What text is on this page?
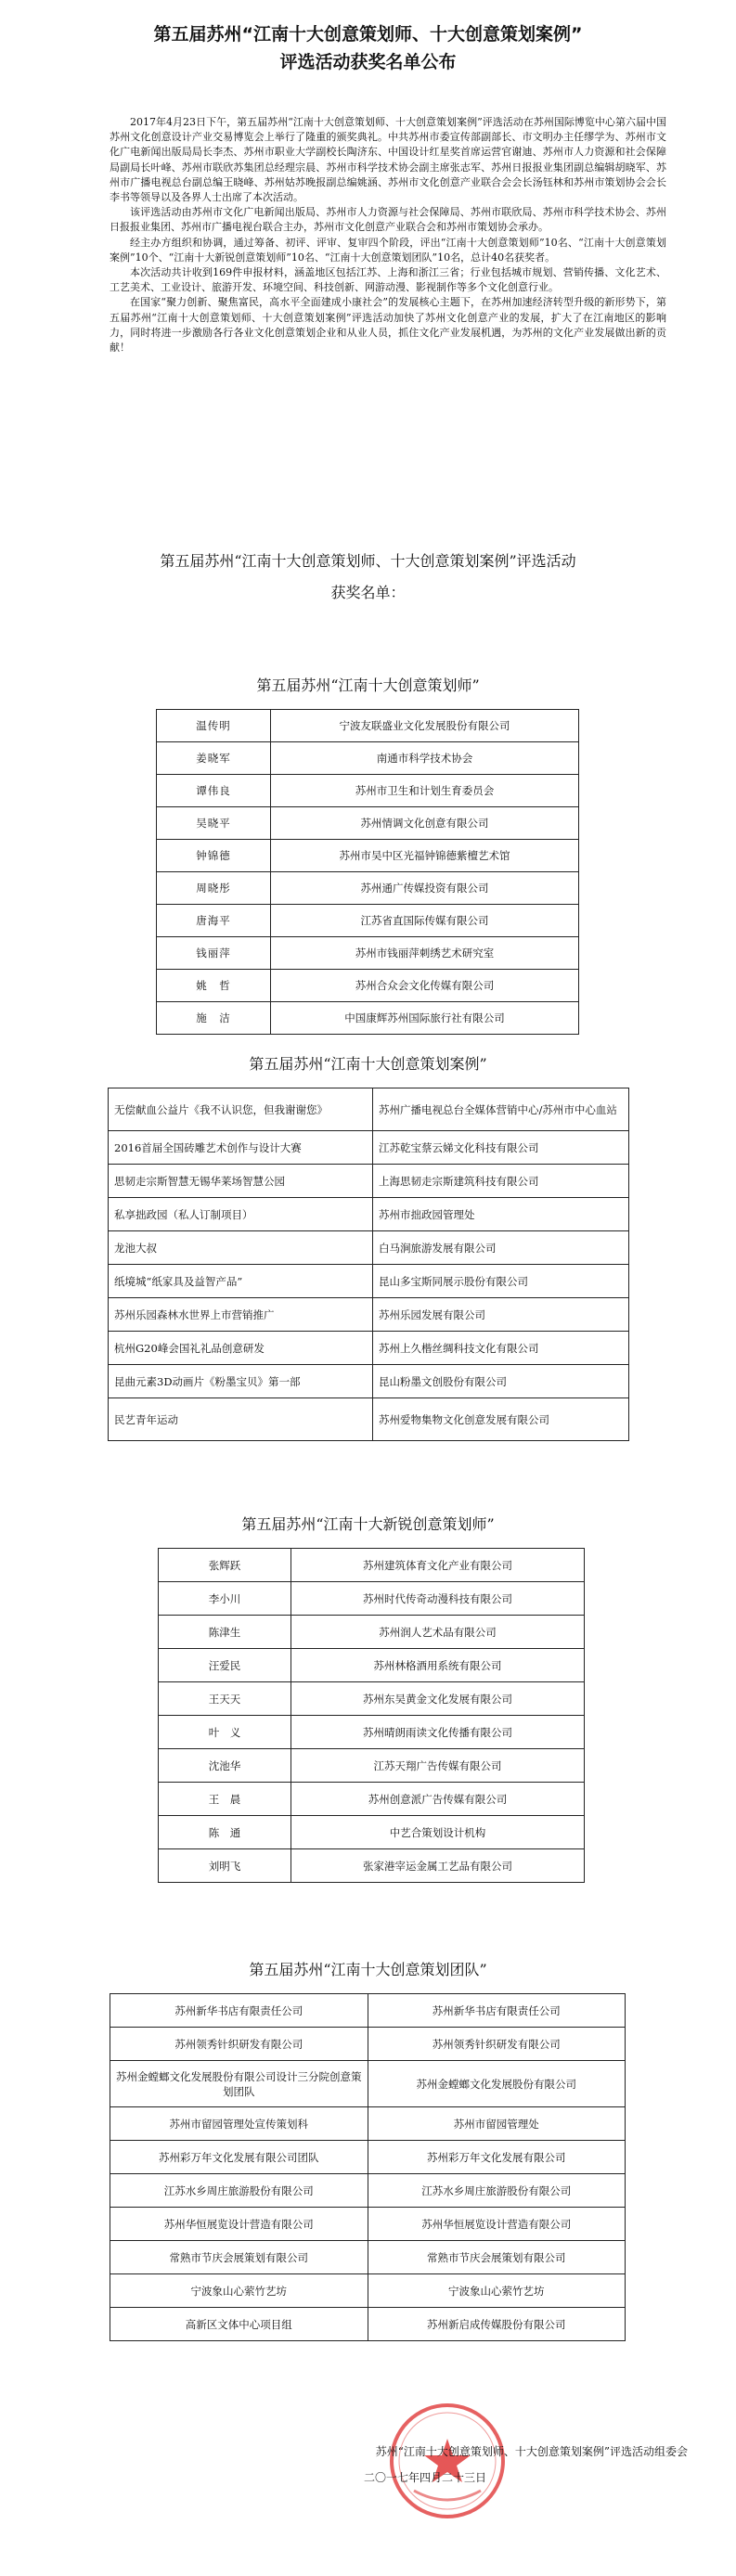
第五届苏州“江南十大创意策划师、十大创意策划案例”
评选活动获奖名单公布

2017年4月23日下午，第五届苏州“江南十大创意策划师、十大创意策划案例”评选活动在苏州国际博览中心第六届中国苏州文化创意设计产业交易博览会上举行了隆重的颁奖典礼。中共苏州市委宣传部副部长、市文明办主任缪学为、苏州市文化广电新闻出版局局长李杰、苏州市职业大学副校长陶济东、中国设计红星奖首席运营官谢迪、苏州市人力资源和社会保障局副局长叶峰、苏州市联欣苏集团总经理宗晨、苏州市科学技术协会副主席张志军、苏州日报报业集团副总编辑胡晓军、苏州市广播电视总台副总编王晓峰、苏州姑苏晚报副总编姚涵、苏州市文化创意产业联合会会长汤钰林和苏州市策划协会会长李书等领导以及各界人士出席了本次活动。

该评选活动由苏州市文化广电新闻出版局、苏州市人力资源与社会保障局、苏州市联欣局、苏州市科学技术协会、苏州日报报业集团、苏州市广播电视台联合主办，苏州市文化创意产业联合会和苏州市策划协会承办。

经主办方组织和协调，通过筹备、初评、评审、复审四个阶段，评出“江南十大创意策划师”10名、“江南十大创意策划案例”10个、“江南十大新锐创意策划师”10名、“江南十大创意策划团队”10名，总计40名获奖者。

本次活动共计收到169件申报材料，涵盖地区包括江苏、上海和浙江三省；行业包括城市规划、营销传播、文化艺术、工艺美术、工业设计、旅游开发、环境空间、科技创新、网游动漫、影视制作等多个文化创意行业。

在国家“聚力创新、聚焦富民，高水平全面建成小康社会”的发展核心主题下，在苏州加速经济转型升级的新形势下，第五届苏州“江南十大创意策划师、十大创意策划案例”评选活动加快了苏州文化创意产业的发展，扩大了在江南地区的影响力，同时将进一步激励各行各业文化创意策划企业和从业人员，抓住文化产业发展机遇，为苏州的文化产业发展做出新的贡献！

第五届苏州“江南十大创意策划师、十大创意策划案例”评选活动
获奖名单：
第五届苏州“江南十大创意策划师”
温传明	宁波友联盛业文化发展股份有限公司
姜晓军	南通市科学技术协会
谭伟良	苏州市卫生和计划生育委员会
吴晓平	苏州情调文化创意有限公司
钟锦德	苏州市吴中区光福钟锦德紫檀艺术馆
周晓彤	苏州通广传媒投资有限公司
唐海平	江苏省直国际传媒有限公司
钱丽萍	苏州市钱丽萍刺绣艺术研究室
姚　哲	苏州合众会文化传媒有限公司
施　洁	中国康辉苏州国际旅行社有限公司
第五届苏州“江南十大创意策划案例”
无偿献血公益片《我不认识您，但我谢谢您》	苏州广播电视总台全媒体营销中心/苏州市中心血站
2016首届全国砖雕艺术创作与设计大赛	江苏乾宝蔡云娣文化科技有限公司
思韧走宗斯智慧无锡华莱场智慧公园	上海思韧走宗斯建筑科技有限公司
私享拙政园（私人订制项目）	苏州市拙政园管理处
龙池大叔	白马涧旅游发展有限公司
纸境城“纸家具及益智产品”	昆山多宝斯同展示股份有限公司
苏州乐园森林水世界上市营销推广	苏州乐园发展有限公司
杭州G20峰会国礼礼品创意研发	苏州上久楷丝绸科技文化有限公司
昆曲元素3D动画片《粉墨宝贝》第一部	昆山粉墨文创股份有限公司
民艺青年运动	苏州爱物集物文化创意发展有限公司
第五届苏州“江南十大新锐创意策划师”
张辉跃	苏州建筑体育文化产业有限公司
李小川	苏州时代传奇动漫科技有限公司
陈津生	苏州润人艺术品有限公司
汪爱民	苏州林格酒用系统有限公司
王天天	苏州东吴黄金文化发展有限公司
叶　义	苏州晴朗雨读文化传播有限公司
沈池华	江苏天翔广告传媒有限公司
王　晨	苏州创意派广告传媒有限公司
陈　通	中艺合策划设计机构
刘明飞	张家港宰运金属工艺品有限公司
第五届苏州“江南十大创意策划团队”
苏州新华书店有限责任公司	苏州新华书店有限责任公司
苏州领秀针织研发有限公司	苏州领秀针织研发有限公司
苏州金螳螂文化发展股份有限公司设计三分院创意策划团队	苏州金螳螂文化发展股份有限公司
苏州市留园管理处宣传策划科	苏州市留园管理处
苏州彩万年文化发展有限公司团队	苏州彩万年文化发展有限公司
江苏水乡周庄旅游股份有限公司	江苏水乡周庄旅游股份有限公司
苏州华恒展览设计营造有限公司	苏州华恒展览设计营造有限公司
常熟市节庆会展策划有限公司	常熟市节庆会展策划有限公司
宁波象山心萦竹艺坊	宁波象山心萦竹艺坊
高新区文体中心项目组	苏州新启成传媒股份有限公司
苏州“江南十大创意策划师、十大创意策划案例”评选活动组委会
二〇一七年四月二十三日
